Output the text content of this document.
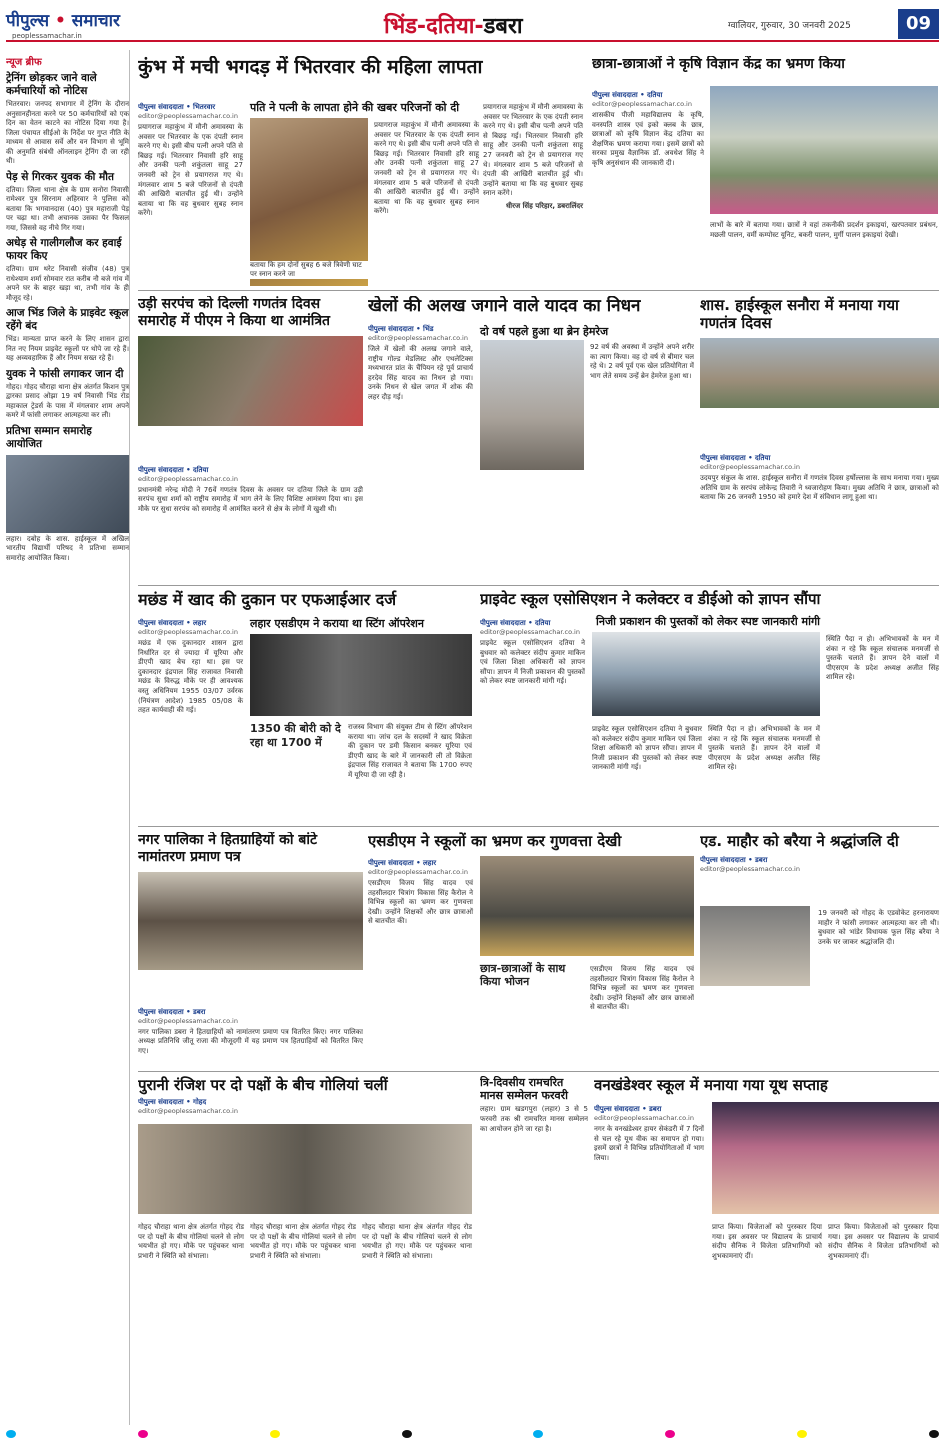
पीपुल्स • समाचार
peoplessamachar.in	भिंड-दतिया-डबरा	ग्वालियर, गुरुवार, 30 जनवरी 2025	09
न्यूज ब्रीफ
ट्रेनिंग छोड़कर जाने वाले कर्मचारियों को नोटिस
भितरवार। जनपद सभागार में ट्रेनिंग के दौरान अनुसानहीनता करने पर 50 कर्मचारियों को एक दिन का वेतन काटने का नोटिस दिया गया है। जिला पंचायत सीईओ के निर्देश पर गुप्त नीति के माध्यम से आवास सर्वे और वन विभाग से भूमि की अनुमति संबंधी ऑनलाइन ट्रेनिंग दी जा रही थी।
पेड़ से गिरकर युवक की मौत
दतिया। जिला थाना क्षेत्र के ग्राम सनोरा निवासी रामेश्वर पुत्र सिरनाम अहिरवार ने पुलिस को बताया कि भगवानदास (40) पुत्र महाराजी पेड़ पर चढ़ा था। तभी अचानक उसका पैर फिसल गया, जिससे वह नीचे गिर गया।
अधेड़ से गालीगलौज कर हवाई फायर किए
दतिया। ग्राम थरेट निवासी संजीव (48) पुत्र राधेश्याम शर्मा सोमवार रात करीब नौ बजे गांव में अपने घर के बाहर खड़ा था, तभी गांव के ही मौजूद रहे।
आज भिंड जिले के प्राइवेट स्कूल रहेंगे बंद
भिंड। मान्यता प्राप्त करने के लिए शासन द्वारा नित नए नियम प्राइवेट स्कूलों पर थोपे जा रहे हैं। यह अव्यवहारिक हैं और नियम सख्त रहे हैं।
युवक ने फांसी लगाकर जान दी
गोहद। गोहद चौराहा थाना क्षेत्र अंतर्गत किशन पुत्र द्वारका प्रसाद ओझा 19 वर्ष निवासी भिंड रोड महाकाल ट्रेडर्स के पास में मंगलवार शाम अपने कमरे में फांसी लगाकर आत्महत्या कर ली।
प्रतिभा सम्मान समारोह आयोजित
लहार। दबोह के शास. हाईस्कूल में अखिल भारतीय विद्यार्थी परिषद ने प्रतिभा सम्मान समारोह आयोजित किया।
कुंभ में मची भगदड़ में भितरवार की महिला लापता
पति ने पत्नी के लापता होने की खबर परिजनों को दी
पीपुल्स संवाददाता • भितरवार
editor@peoplessamachar.co.in
प्रयागराज महाकुंभ में मौनी अमावस्या के अवसर पर भितरवार के एक दंपती स्नान करने गए थे। इसी बीच पत्नी अपने पति से बिछड़ गई। भितरवार निवासी हरि साहू और उनकी पत्नी शकुंतला साहू 27 जनवरी को ट्रेन से प्रयागराज गए थे। मंगलवार शाम 5 बजे परिजनों से दंपती की आखिरी बातचीत हुई थी। उन्होंने बताया था कि वह बुधवार सुबह स्नान करेंगे।
बताया कि हम दोनों सुबह 6 बजे त्रिवेणी घाट पर स्नान करने जा
प्रयागराज महाकुंभ में मौनी अमावस्या के अवसर पर भितरवार के एक दंपती स्नान करने गए थे। इसी बीच पत्नी अपने पति से बिछड़ गई। भितरवार निवासी हरि साहू और उनकी पत्नी शकुंतला साहू 27 जनवरी को ट्रेन से प्रयागराज गए थे। मंगलवार शाम 5 बजे परिजनों से दंपती की आखिरी बातचीत हुई थी। उन्होंने बताया था कि वह बुधवार सुबह स्नान करेंगे।
प्रयागराज महाकुंभ में मौनी अमावस्या के अवसर पर भितरवार के एक दंपती स्नान करने गए थे। इसी बीच पत्नी अपने पति से बिछड़ गई। भितरवार निवासी हरि साहू और उनकी पत्नी शकुंतला साहू 27 जनवरी को ट्रेन से प्रयागराज गए थे। मंगलवार शाम 5 बजे परिजनों से दंपती की आखिरी बातचीत हुई थी। उन्होंने बताया था कि वह बुधवार सुबह स्नान करेंगे।
धीरज सिंह परिहार, डबरालिंदर
छात्रा-छात्राओं ने कृषि विज्ञान केंद्र का भ्रमण किया
पीपुल्स संवाददाता • दतिया
editor@peoplessamachar.co.in
शासकीय पीजी महाविद्यालय के कृषि, वनस्पति शास्त्र एवं इको क्लब के छात्र, छात्राओं को कृषि विज्ञान केंद्र दतिया का शैक्षणिक भ्रमण कराया गया। इसमें छात्रों को सरका प्रमुख वैज्ञानिक डॉ. अवधेश सिंह ने कृषि अनुसंधान की जानकारी दी।
लाभों के बारे में बताया गया। छात्रों ने वहां तकनीकी प्रदर्शन इकाइयां, खरपतवार प्रबंधन, मछली पालन, वर्मी कम्पोस्ट यूनिट, बकरी पालन, मुर्गी पालन इकाइयां देखी।
उड़ी सरपंच को दिल्ली गणतंत्र दिवस समारोह में पीएम ने किया था आमंत्रित
पीपुल्स संवाददाता • दतिया
editor@peoplessamachar.co.in
प्रधानमंत्री नरेन्द्र मोदी ने 76वें गणतंत्र दिवस के अवसर पर दतिया जिले के ग्राम उड़ी सरपंच सुधा शर्मा को राष्ट्रीय समारोह में भाग लेने के लिए विशिष्ट आमंत्रण दिया था। इस मौके पर सुधा सरपंच को समारोह में आमंत्रित करने से क्षेत्र के लोगों में खुशी थी।
खेलों की अलख जगाने वाले यादव का निधन
पीपुल्स संवाददाता • भिंड
editor@peoplessamachar.co.in
जिले में खेलों की अलख जगाने वाले, राष्ट्रीय गोल्ड मेडलिस्ट और एथलेटिक्स मध्यभारत प्रांत के चैंपियन रहे पूर्व प्राचार्य हरदेव सिंह यादव का निधन हो गया। उनके निधन से खेल जगत में शोक की लहर दौड़ गई।
दो वर्ष पहले हुआ था ब्रेन हेमरेज
92 वर्ष की अवस्था में उन्होंने अपने शरीर का त्याग किया। वह दो वर्ष से बीमार चल रहे थे। 2 वर्ष पूर्व एक खेल प्रतियोगिता में भाग लेते समय उन्हें ब्रेन हेमरेज हुआ था।
शास. हाईस्कूल सनौरा में मनाया गया गणतंत्र दिवस
पीपुल्स संवाददाता • दतिया
editor@peoplessamachar.co.in
उदयपुर संकुल के शास. हाईस्कूल सनौरा में गणतंत्र दिवस हर्षोल्लास के साथ मनाया गया। मुख्य अतिथि ग्राम के सरपंच लोकेन्द्र तिवारी ने ध्वजारोहण किया। मुख्य अतिथि ने छात्र, छात्राओं को बताया कि 26 जनवरी 1950 को हमारे देश में संविधान लागू हुआ था।
मछंड में खाद की दुकान पर एफआईआर दर्ज
पीपुल्स संवाददाता • लहार
editor@peoplessamachar.co.in
मछंड में एक दुकानदार शासन द्वारा निर्धारित दर से ज्यादा में यूरिया और डीएपी खाद बेच रहा था। इस पर दुकानदार इंद्रपाल सिंह राजावत निवासी मछंड के विरुद्ध मौके पर ही आवश्यक वस्तु अधिनियम 1955 03/07 उर्वरक (नियंत्रण आदेश) 1985 05/08 के तहत कार्यवाही की गई।
लहार एसडीएम ने कराया था स्टिंग ऑपरेशन
1350 की बोरी को दे रहा था 1700 में
राजस्व विभाग की संयुक्त टीम से स्टिंग ऑपरेशन कराया था। जांच दल के सदस्यों ने खाद विक्रेता की दुकान पर डमी किसान बनकर यूरिया एवं डीएपी खाद के बारे में जानकारी ली तो विक्रेता इंद्रपाल सिंह राजावत ने बताया कि 1700 रुपए में यूरिया दी जा रही है।
प्राइवेट स्कूल एसोसिएशन ने कलेक्टर व डीईओ को ज्ञापन सौंपा
पीपुल्स संवाददाता • दतिया
editor@peoplessamachar.co.in
प्राइवेट स्कूल एसोसिएशन दतिया ने बुधवार को कलेक्टर संदीप कुमार माकिन एवं जिला शिक्षा अधिकारी को ज्ञापन सौंपा। ज्ञापन में निजी प्रकाशन की पुस्तकों को लेकर स्पष्ट जानकारी मांगी गई।
निजी प्रकाशन की पुस्तकों को लेकर स्पष्ट जानकारी मांगी
प्राइवेट स्कूल एसोसिएशन दतिया ने बुधवार को कलेक्टर संदीप कुमार माकिन एवं जिला शिक्षा अधिकारी को ज्ञापन सौंपा। ज्ञापन में निजी प्रकाशन की पुस्तकों को लेकर स्पष्ट जानकारी मांगी गई।
स्थिति पैदा न हो। अभिभावकों के मन में शंका न रहे कि स्कूल संचालक मनमर्जी से पुस्तकें चलाते हैं। ज्ञापन देने वालों में पीएसएम के प्रदेश अध्यक्ष अजीत सिंह शामिल रहे।
स्थिति पैदा न हो। अभिभावकों के मन में शंका न रहे कि स्कूल संचालक मनमर्जी से पुस्तकें चलाते हैं। ज्ञापन देने वालों में पीएसएम के प्रदेश अध्यक्ष अजीत सिंह शामिल रहे।
नगर पालिका ने हितग्राहियों को बांटे नामांतरण प्रमाण पत्र
पीपुल्स संवाददाता • डबरा
editor@peoplessamachar.co.in
नगर पालिका डबरा ने हितग्राहियों को नामांतरण प्रमाण पत्र वितरित किए। नगर पालिका अध्यक्ष प्रतिनिधि जीतू राजा की मौजूदगी में यह प्रमाण पत्र हितग्राहियों को वितरित किए गए।
एसडीएम ने स्कूलों का भ्रमण कर गुणवत्ता देखी
पीपुल्स संवाददाता • लहार
editor@peoplessamachar.co.in
एसडीएम विजय सिंह यादव एवं तहसीलदार चित्रांग विकास सिंह कैरोल ने विभिन्न स्कूलों का भ्रमण कर गुणवत्ता देखी। उन्होंने शिक्षकों और छात्र छात्राओं से बातचीत की।
छात्र-छात्राओं के साथ किया भोजन
एसडीएम विजय सिंह यादव एवं तहसीलदार चित्रांग विकास सिंह कैरोल ने विभिन्न स्कूलों का भ्रमण कर गुणवत्ता देखी। उन्होंने शिक्षकों और छात्र छात्राओं से बातचीत की।
एड. माहौर को बरैया ने श्रद्धांजलि दी
पीपुल्स संवाददाता • डबरा
editor@peoplessamachar.co.in
19 जनवरी को गोहद के एडवोकेट हरनारायण माहौर ने फांसी लगाकर आत्महत्या कर ली थी। बुधवार को भांडेर विधायक फूल सिंह बरैया ने उनके घर जाकर श्रद्धांजलि दी।
पुरानी रंजिश पर दो पक्षों के बीच गोलियां चलीं
पीपुल्स संवाददाता • गोहद
editor@peoplessamachar.co.in
गोहद चौराहा थाना क्षेत्र अंतर्गत गोहद रोड पर दो पक्षों के बीच गोलियां चलने से लोग भयभीत हो गए। मौके पर पहुंचकर थाना प्रभारी ने स्थिति को संभाला।
गोहद चौराहा थाना क्षेत्र अंतर्गत गोहद रोड पर दो पक्षों के बीच गोलियां चलने से लोग भयभीत हो गए। मौके पर पहुंचकर थाना प्रभारी ने स्थिति को संभाला।
गोहद चौराहा थाना क्षेत्र अंतर्गत गोहद रोड पर दो पक्षों के बीच गोलियां चलने से लोग भयभीत हो गए। मौके पर पहुंचकर थाना प्रभारी ने स्थिति को संभाला।
त्रि-दिवसीय रामचरित मानस सम्मेलन फरवरी
लहार। ग्राम खडगपुरा (लहार) 3 से 5 फरवरी तक श्री रामचरित मानस सम्मेलन का आयोजन होने जा रहा है।
वनखंडेश्वर स्कूल में मनाया गया यूथ सप्ताह
पीपुल्स संवाददाता • डबरा
editor@peoplessamachar.co.in
नगर के वनखंडेश्वर हायर सेकंडरी में 7 दिनों से चल रहे यूथ वीक का समापन हो गया। इसमें छात्रों ने विभिन्न प्रतियोगिताओं में भाग लिया।
प्राप्त किया। विजेताओं को पुरस्कार दिया गया। इस अवसर पर विद्यालय के प्राचार्य संदीप सैनिक ने विजेता प्रतिभागियों को शुभकामनाएं दीं।
प्राप्त किया। विजेताओं को पुरस्कार दिया गया। इस अवसर पर विद्यालय के प्राचार्य संदीप सैनिक ने विजेता प्रतिभागियों को शुभकामनाएं दीं।
